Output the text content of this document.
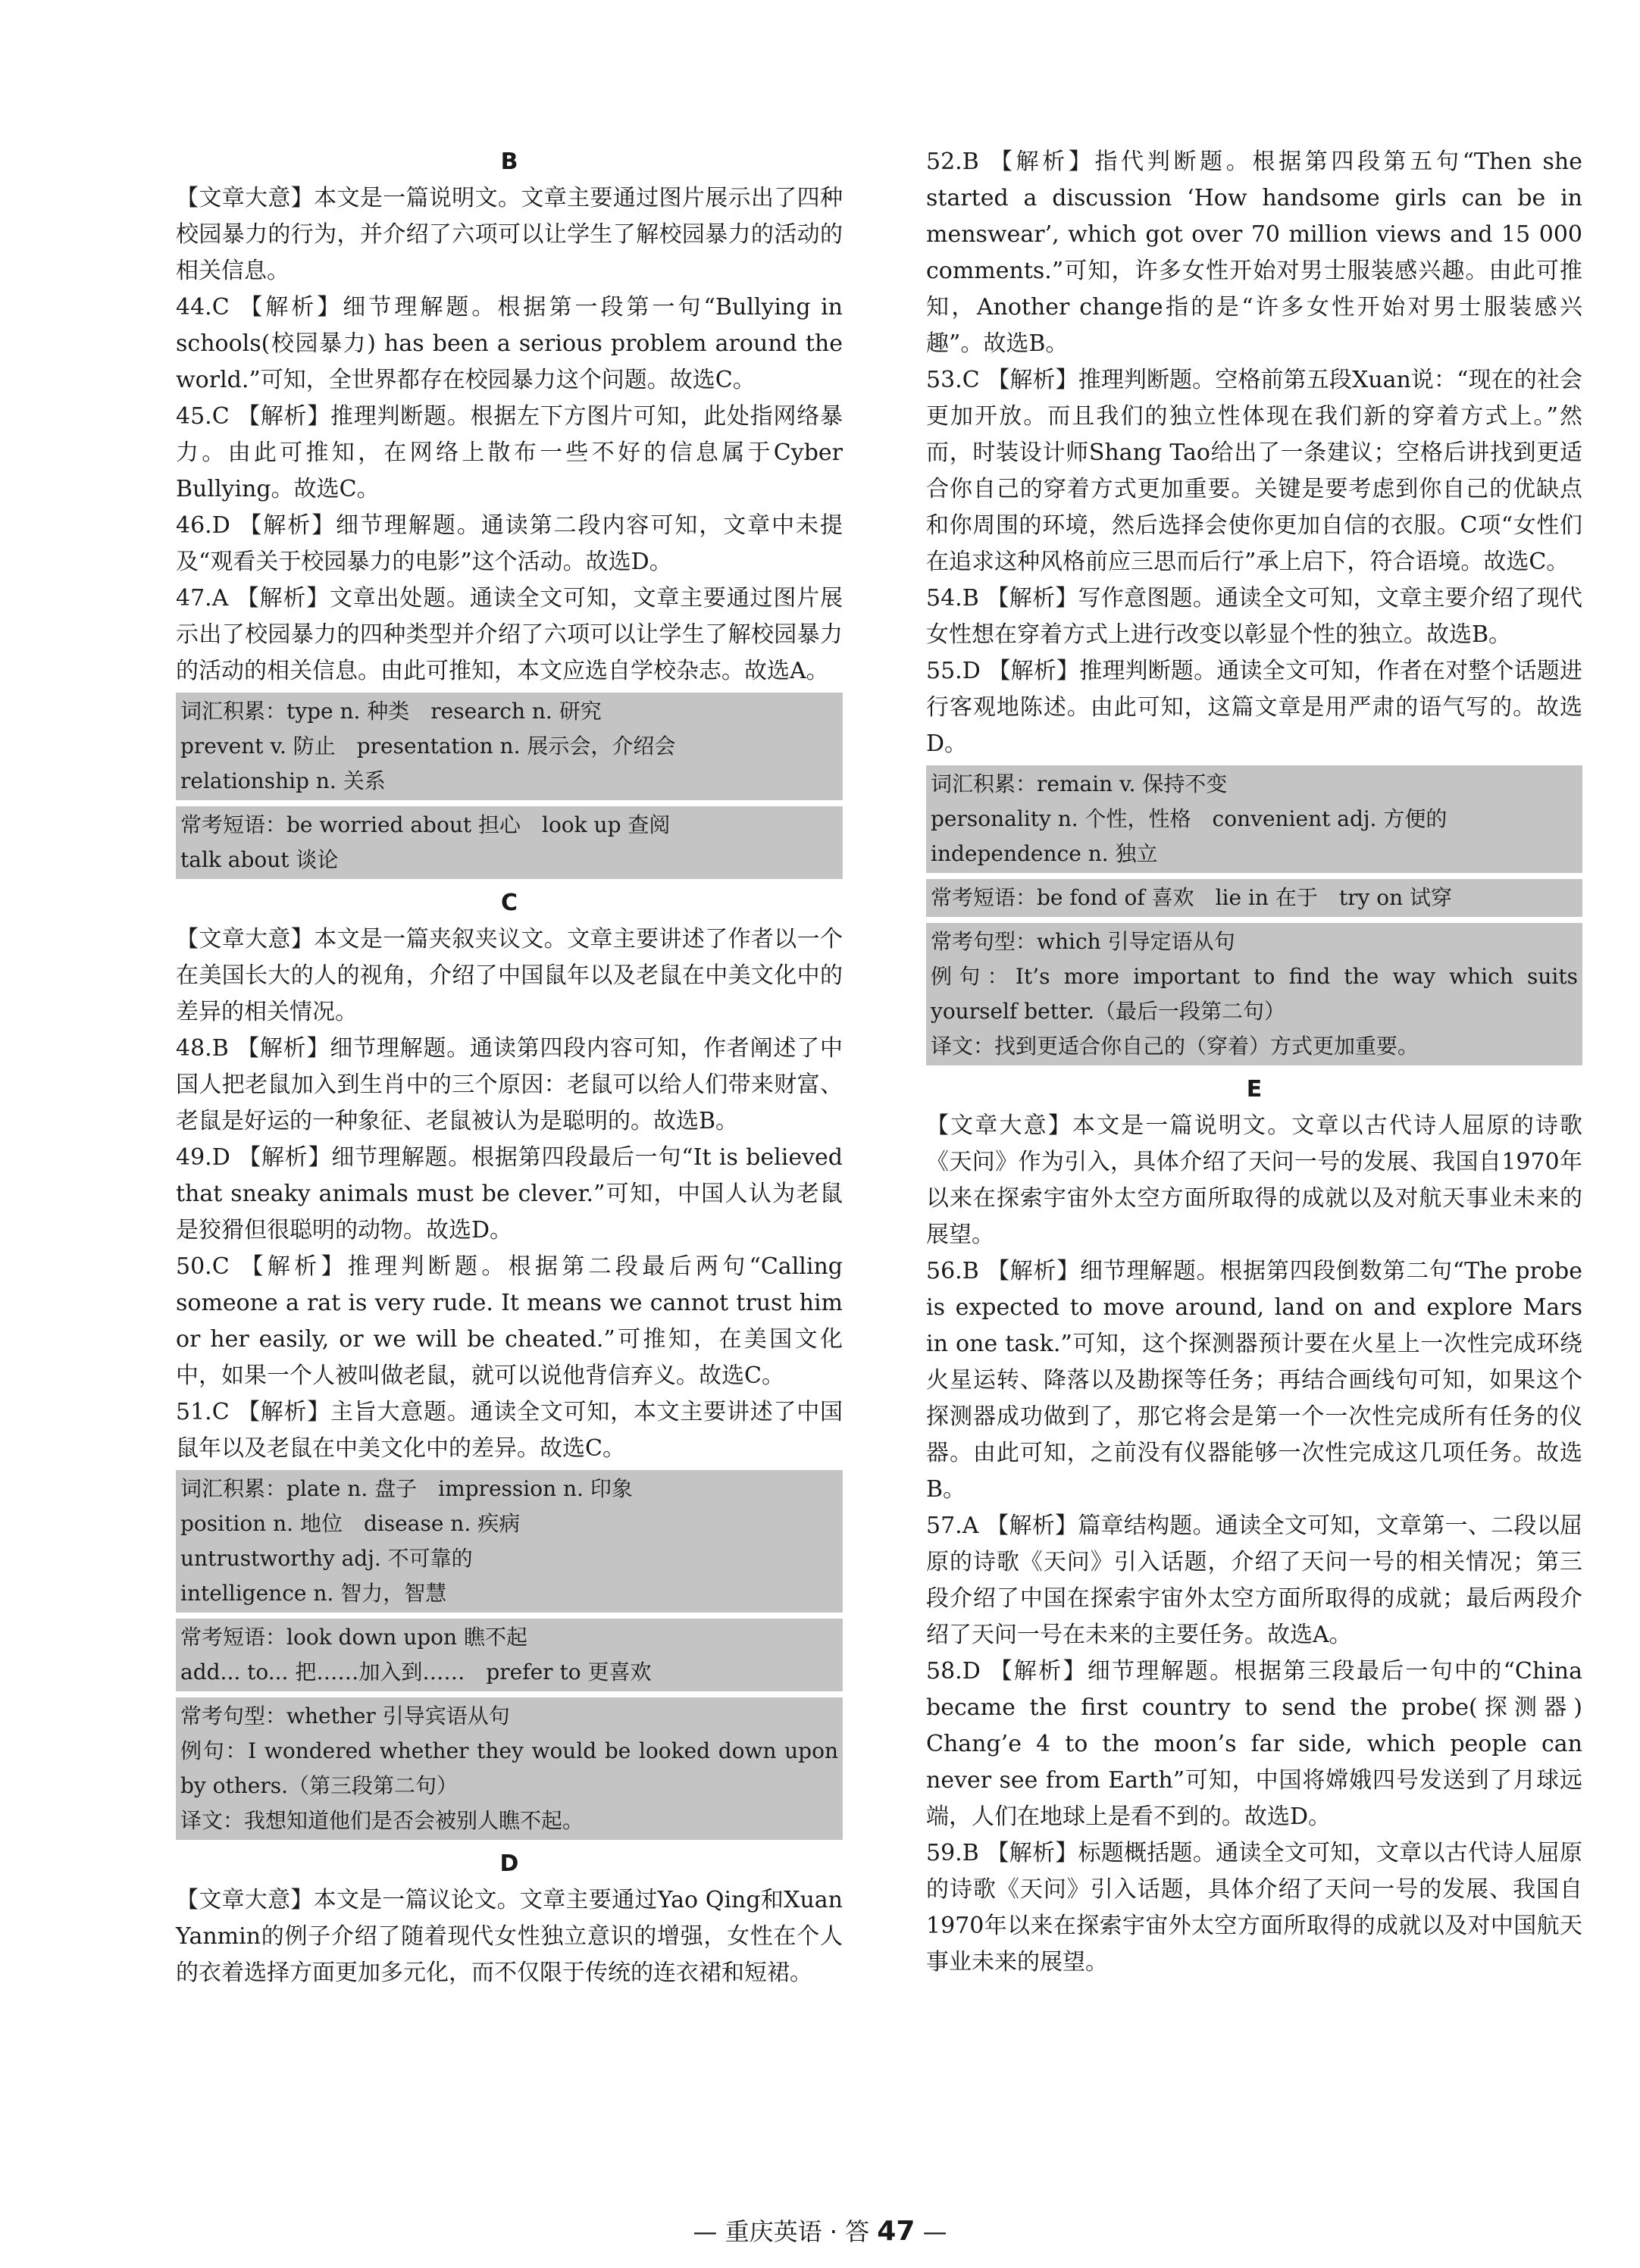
B

【文章大意】本文是一篇说明文。文章主要通过图片展示出了四种校园暴力的行为，并介绍了六项可以让学生了解校园暴力的活动的相关信息。

44.C 【解析】细节理解题。根据第一段第一句“Bullying in schools(校园暴力) has been a serious problem around the world.”可知，全世界都存在校园暴力这个问题。故选C。

45.C 【解析】推理判断题。根据左下方图片可知，此处指网络暴力。由此可推知，在网络上散布一些不好的信息属于Cyber Bullying。故选C。

46.D 【解析】细节理解题。通读第二段内容可知，文章中未提及“观看关于校园暴力的电影”这个活动。故选D。

47.A 【解析】文章出处题。通读全文可知，文章主要通过图片展示出了校园暴力的四种类型并介绍了六项可以让学生了解校园暴力的活动的相关信息。由此可推知，本文应选自学校杂志。故选A。

词汇积累：type n. 种类　research n. 研究

prevent v. 防止　presentation n. 展示会，介绍会

relationship n. 关系

常考短语：be worried about 担心　look up 查阅

talk about 谈论

C

【文章大意】本文是一篇夹叙夹议文。文章主要讲述了作者以一个在美国长大的人的视角，介绍了中国鼠年以及老鼠在中美文化中的差异的相关情况。

48.B 【解析】细节理解题。通读第四段内容可知，作者阐述了中国人把老鼠加入到生肖中的三个原因：老鼠可以给人们带来财富、老鼠是好运的一种象征、老鼠被认为是聪明的。故选B。

49.D 【解析】细节理解题。根据第四段最后一句“It is believed that sneaky animals must be clever.”可知，中国人认为老鼠是狡猾但很聪明的动物。故选D。

50.C 【解析】推理判断题。根据第二段最后两句“Calling someone a rat is very rude. It means we cannot trust him or her easily, or we will be cheated.”可推知，在美国文化中，如果一个人被叫做老鼠，就可以说他背信弃义。故选C。

51.C 【解析】主旨大意题。通读全文可知，本文主要讲述了中国鼠年以及老鼠在中美文化中的差异。故选C。

词汇积累：plate n. 盘子　impression n. 印象

position n. 地位　disease n. 疾病

untrustworthy adj. 不可靠的

intelligence n. 智力，智慧

常考短语：look down upon 瞧不起

add... to... 把……加入到……　prefer to 更喜欢

常考句型：whether 引导宾语从句

例句：I wondered whether they would be looked down upon by others.（第三段第二句）

译文：我想知道他们是否会被别人瞧不起。

D

【文章大意】本文是一篇议论文。文章主要通过Yao Qing和Xuan Yanmin的例子介绍了随着现代女性独立意识的增强，女性在个人的衣着选择方面更加多元化，而不仅限于传统的连衣裙和短裙。

52.B 【解析】指代判断题。根据第四段第五句“Then she started a discussion ‘How handsome girls can be in menswear’, which got over 70 million views and 15 000 comments.”可知，许多女性开始对男士服装感兴趣。由此可推知，Another change指的是“许多女性开始对男士服装感兴趣”。故选B。

53.C 【解析】推理判断题。空格前第五段Xuan说：“现在的社会更加开放。而且我们的独立性体现在我们新的穿着方式上。”然而，时装设计师Shang Tao给出了一条建议；空格后讲找到更适合你自己的穿着方式更加重要。关键是要考虑到你自己的优缺点和你周围的环境，然后选择会使你更加自信的衣服。C项“女性们在追求这种风格前应三思而后行”承上启下，符合语境。故选C。

54.B 【解析】写作意图题。通读全文可知，文章主要介绍了现代女性想在穿着方式上进行改变以彰显个性的独立。故选B。

55.D 【解析】推理判断题。通读全文可知，作者在对整个话题进行客观地陈述。由此可知，这篇文章是用严肃的语气写的。故选D。

词汇积累：remain v. 保持不变

personality n. 个性，性格　convenient adj. 方便的

independence n. 独立

常考短语：be fond of 喜欢　lie in 在于　try on 试穿

常考句型：which 引导定语从句

例句：It’s more important to find the way which suits yourself better.（最后一段第二句）

译文：找到更适合你自己的（穿着）方式更加重要。

E

【文章大意】本文是一篇说明文。文章以古代诗人屈原的诗歌《天问》作为引入，具体介绍了天问一号的发展、我国自1970年以来在探索宇宙外太空方面所取得的成就以及对航天事业未来的展望。

56.B 【解析】细节理解题。根据第四段倒数第二句“The probe is expected to move around, land on and explore Mars in one task.”可知，这个探测器预计要在火星上一次性完成环绕火星运转、降落以及勘探等任务；再结合画线句可知，如果这个探测器成功做到了，那它将会是第一个一次性完成所有任务的仪器。由此可知，之前没有仪器能够一次性完成这几项任务。故选B。

57.A 【解析】篇章结构题。通读全文可知，文章第一、二段以屈原的诗歌《天问》引入话题，介绍了天问一号的相关情况；第三段介绍了中国在探索宇宙外太空方面所取得的成就；最后两段介绍了天问一号在未来的主要任务。故选A。

58.D 【解析】细节理解题。根据第三段最后一句中的“China became the first country to send the probe(探测器) Chang’e 4 to the moon’s far side, which people can never see from Earth”可知，中国将嫦娥四号发送到了月球远端，人们在地球上是看不到的。故选D。

59.B 【解析】标题概括题。通读全文可知，文章以古代诗人屈原的诗歌《天问》引入话题，具体介绍了天问一号的发展、我国自1970年以来在探索宇宙外太空方面所取得的成就以及对中国航天事业未来的展望。

— 重庆英语 · 答 47 —
